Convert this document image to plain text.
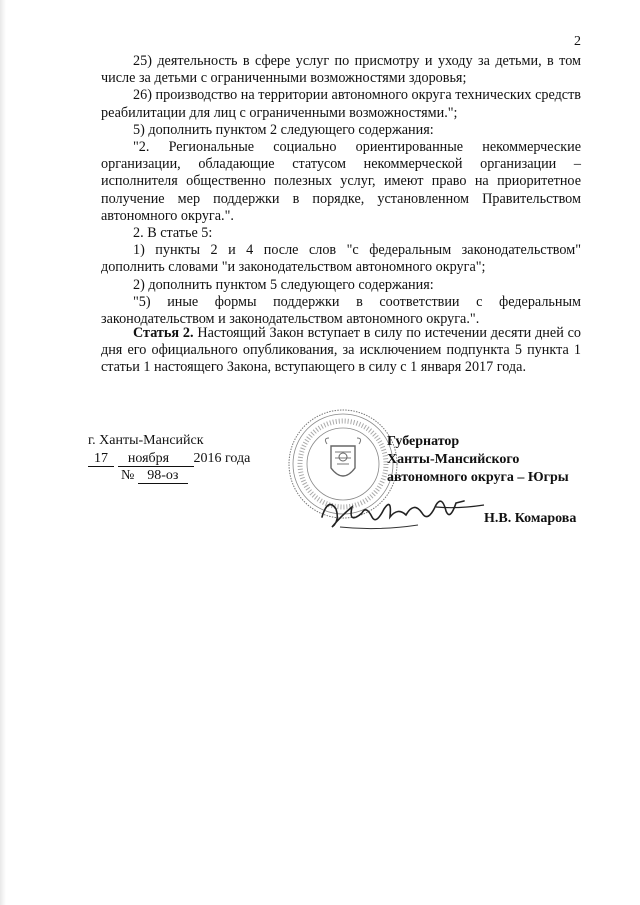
2

25) деятельность в сфере услуг по присмотру и уходу за детьми, в том числе за детьми с ограниченными возможностями здоровья;

26) производство на территории автономного округа технических средств реабилитации для лиц с ограниченными возможностями.";

5) дополнить пунктом 2 следующего содержания:

"2. Региональные социально ориентированные некоммерческие организации, обладающие статусом некоммерческой организации – исполнителя общественно полезных услуг, имеют право на приоритетное получение мер поддержки в порядке, установленном Правительством автономного округа.".

2. В статье 5:

1) пункты 2 и 4 после слов "с федеральным законодательством" дополнить словами "и законодательством автономного округа";

2) дополнить пунктом 5 следующего содержания:

"5) иные формы поддержки в соответствии с федеральным законодательством и законодательством автономного округа.".

Статья 2. Настоящий Закон вступает в силу по истечении десяти дней со дня его официального опубликования, за исключением подпункта 5 пункта 1 статьи 1 настоящего Закона, вступающего в силу с 1 января 2017 года.

г. Ханты-Мансийск
17 ноября 2016 года
№ 98-оз
Губернатор
Ханты-Мансийского
автономного округа – Югры
Н.В. Комарова
